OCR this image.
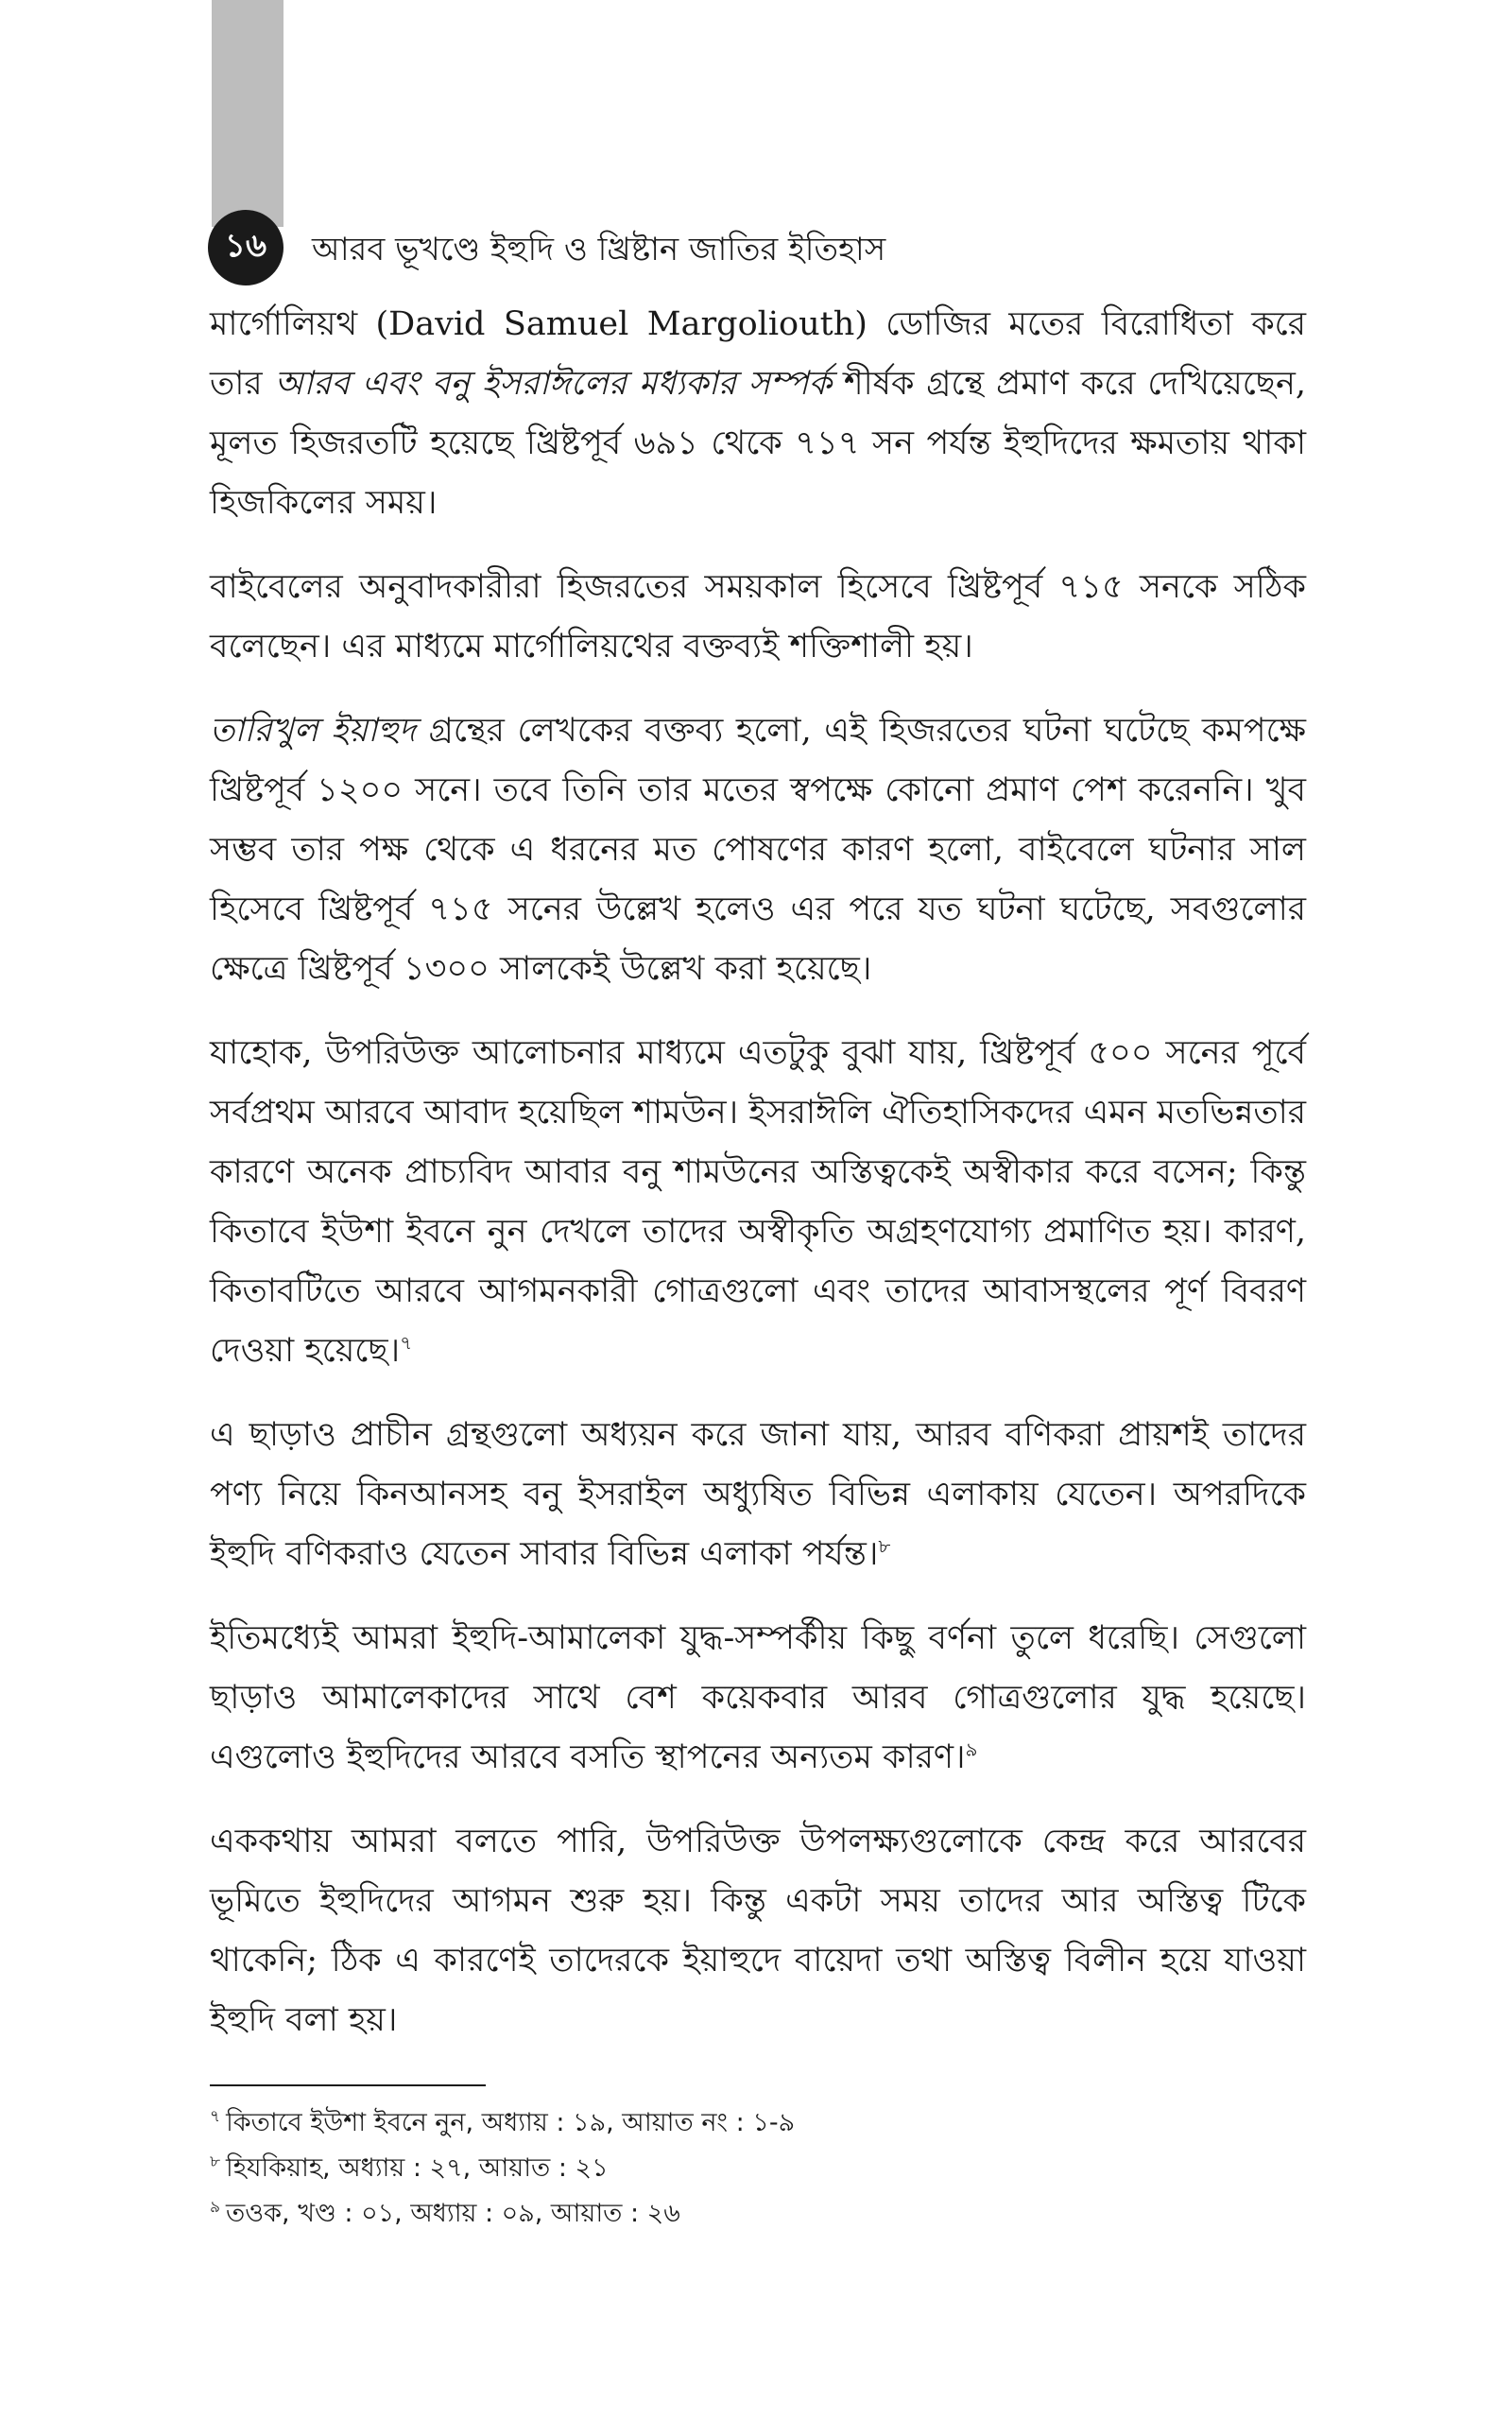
১৬	আরব ভূখণ্ডে ইহুদি ও খ্রিষ্টান জাতির ইতিহাস

মার্গোলিয়থ (David Samuel Margoliouth) ডোজির মতের বিরোধিতা করে তার আরব এবং বনু ইসরাঈলের মধ্যকার সম্পর্ক শীর্ষক গ্রন্থে প্রমাণ করে দেখিয়েছেন, মূলত হিজরতটি হয়েছে খ্রিষ্টপূর্ব ৬৯১ থেকে ৭১৭ সন পর্যন্ত ইহুদিদের ক্ষমতায় থাকা হিজকিলের সময়।

বাইবেলের অনুবাদকারীরা হিজরতের সময়কাল হিসেবে খ্রিষ্টপূর্ব ৭১৫ সনকে সঠিক বলেছেন। এর মাধ্যমে মার্গোলিয়থের বক্তব্যই শক্তিশালী হয়।

তারিখুল ইয়াহুদ গ্রন্থের লেখকের বক্তব্য হলো, এই হিজরতের ঘটনা ঘটেছে কমপক্ষে খ্রিষ্টপূর্ব ১২০০ সনে। তবে তিনি তার মতের স্বপক্ষে কোনো প্রমাণ পেশ করেননি। খুব সম্ভব তার পক্ষ থেকে এ ধরনের মত পোষণের কারণ হলো, বাইবেলে ঘটনার সাল হিসেবে খ্রিষ্টপূর্ব ৭১৫ সনের উল্লেখ হলেও এর পরে যত ঘটনা ঘটেছে, সবগুলোর ক্ষেত্রে খ্রিষ্টপূর্ব ১৩০০ সালকেই উল্লেখ করা হয়েছে।

যাহোক, উপরিউক্ত আলোচনার মাধ্যমে এতটুকু বুঝা যায়, খ্রিষ্টপূর্ব ৫০০ সনের পূর্বে সর্বপ্রথম আরবে আবাদ হয়েছিল শামউন। ইসরাঈলি ঐতিহাসিকদের এমন মতভিন্নতার কারণে অনেক প্রাচ্যবিদ আবার বনু শামউনের অস্তিত্বকেই অস্বীকার করে বসেন; কিন্তু কিতাবে ইউশা ইবনে নুন দেখলে তাদের অস্বীকৃতি অগ্রহণযোগ্য প্রমাণিত হয়। কারণ, কিতাবটিতে আরবে আগমনকারী গোত্রগুলো এবং তাদের আবাসস্থলের পূর্ণ বিবরণ দেওয়া হয়েছে।$^৭$

এ ছাড়াও প্রাচীন গ্রন্থগুলো অধ্যয়ন করে জানা যায়, আরব বণিকরা প্রায়শই তাদের পণ্য নিয়ে কিনআনসহ বনু ইসরাইল অধ্যুষিত বিভিন্ন এলাকায় যেতেন। অপরদিকে ইহুদি বণিকরাও যেতেন সাবার বিভিন্ন এলাকা পর্যন্ত।$^৮$

ইতিমধ্যেই আমরা ইহুদি-আমালেকা যুদ্ধ-সম্পর্কীয় কিছু বর্ণনা তুলে ধরেছি। সেগুলো ছাড়াও আমালেকাদের সাথে বেশ কয়েকবার আরব গোত্রগুলোর যুদ্ধ হয়েছে। এগুলোও ইহুদিদের আরবে বসতি স্থাপনের অন্যতম কারণ।$^৯$

এককথায় আমরা বলতে পারি, উপরিউক্ত উপলক্ষ্যগুলোকে কেন্দ্র করে আরবের ভূমিতে ইহুদিদের আগমন শুরু হয়। কিন্তু একটা সময় তাদের আর অস্তিত্ব টিকে থাকেনি; ঠিক এ কারণেই তাদেরকে ইয়াহুদে বায়েদা তথা অস্তিত্ব বিলীন হয়ে যাওয়া ইহুদি বলা হয়।

$^৭$ কিতাবে ইউশা ইবনে নুন, অধ্যায় : ১৯, আয়াত নং : ১-৯

$^৮$ হিযকিয়াহ, অধ্যায় : ২৭, আয়াত : ২১

$^৯$ তওক, খণ্ড : ০১, অধ্যায় : ০৯, আয়াত : ২৬
